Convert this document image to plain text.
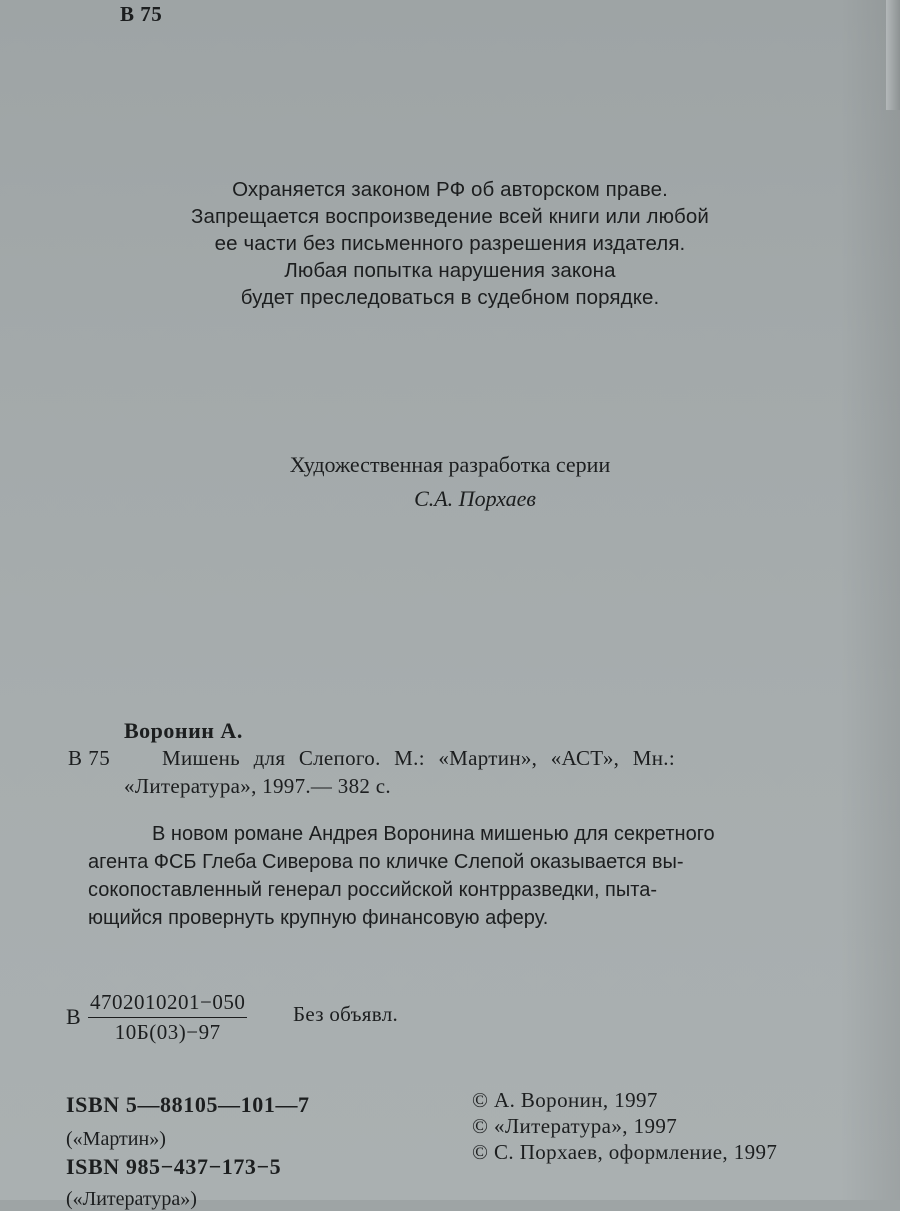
В 75
Охраняется законом РФ об авторском праве.
Запрещается воспроизведение всей книги или любой
ее части без письменного разрешения издателя.
Любая попытка нарушения закона
будет преследоваться в судебном порядке.
Художественная разработка серии
С.А. Порхаев
Воронин А.
В 75 Мишень для Слепого. М.: «Мартин», «АСТ», Мн.:
«Литература», 1997.— 382 с.
В новом романе Андрея Воронина мишенью для секретного
агента ФСБ Глеба Сиверова по кличке Слепой оказывается вы-
сокопоставленный генерал российской контрразведки, пыта-
ющийся провернуть крупную финансовую аферу.
В
4702010201−050
10Б(03)−97
Без объявл.
ISBN 5—88105—101—7
(«Мартин»)
ISBN 985−437−173−5
(«Литература»)
© А. Воронин, 1997
© «Литература», 1997
© С. Порхаев, оформление, 1997
